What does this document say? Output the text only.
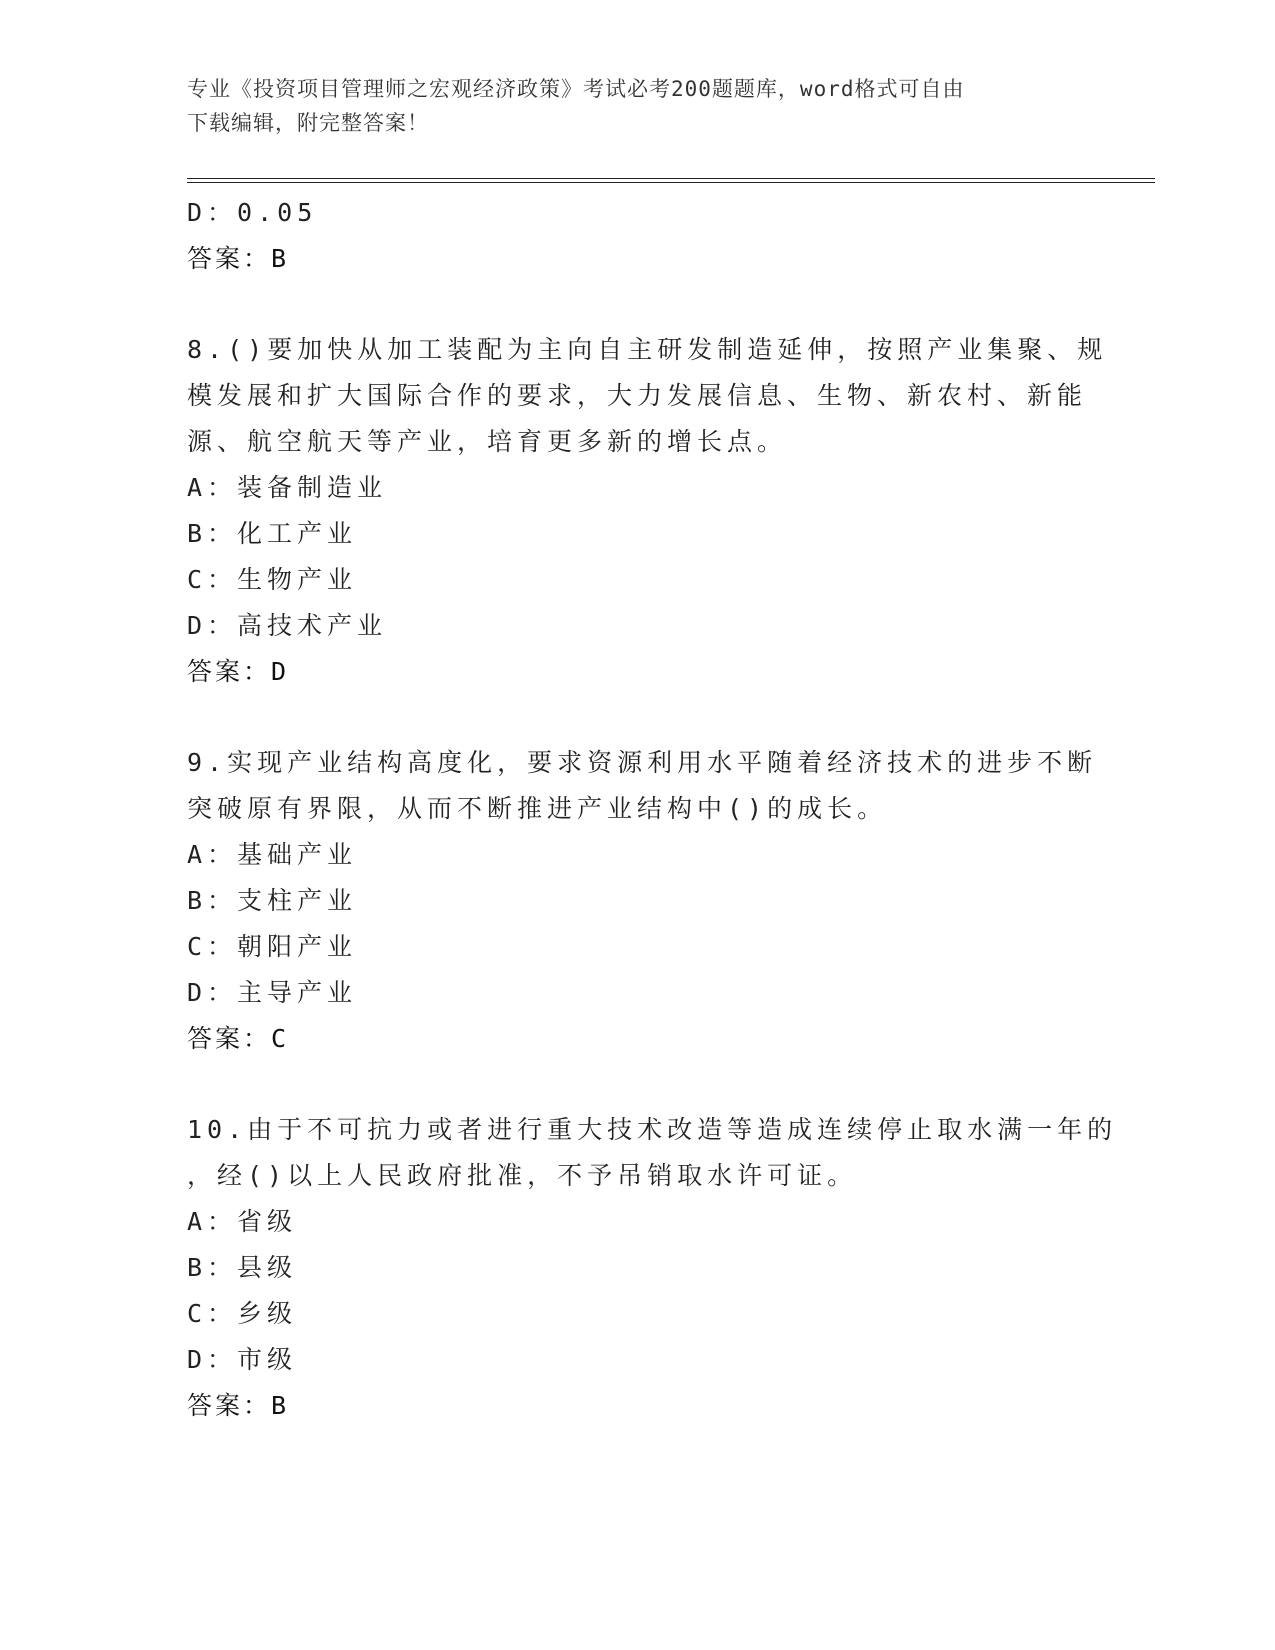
专业《投资项目管理师之宏观经济政策》考试必考200题题库，word格式可自由
下载编辑，附完整答案！
D：0.05
答案：B
8.()要加快从加工装配为主向自主研发制造延伸，按照产业集聚、规
模发展和扩大国际合作的要求，大力发展信息、生物、新农村、新能
源、航空航天等产业，培育更多新的增长点。
A：装备制造业
B：化工产业
C：生物产业
D：高技术产业
答案：D
9.实现产业结构高度化，要求资源利用水平随着经济技术的进步不断
突破原有界限，从而不断推进产业结构中()的成长。
A：基础产业
B：支柱产业
C：朝阳产业
D：主导产业
答案：C
10.由于不可抗力或者进行重大技术改造等造成连续停止取水满一年的
，经()以上人民政府批准，不予吊销取水许可证。
A：省级
B：县级
C：乡级
D：市级
答案：B
